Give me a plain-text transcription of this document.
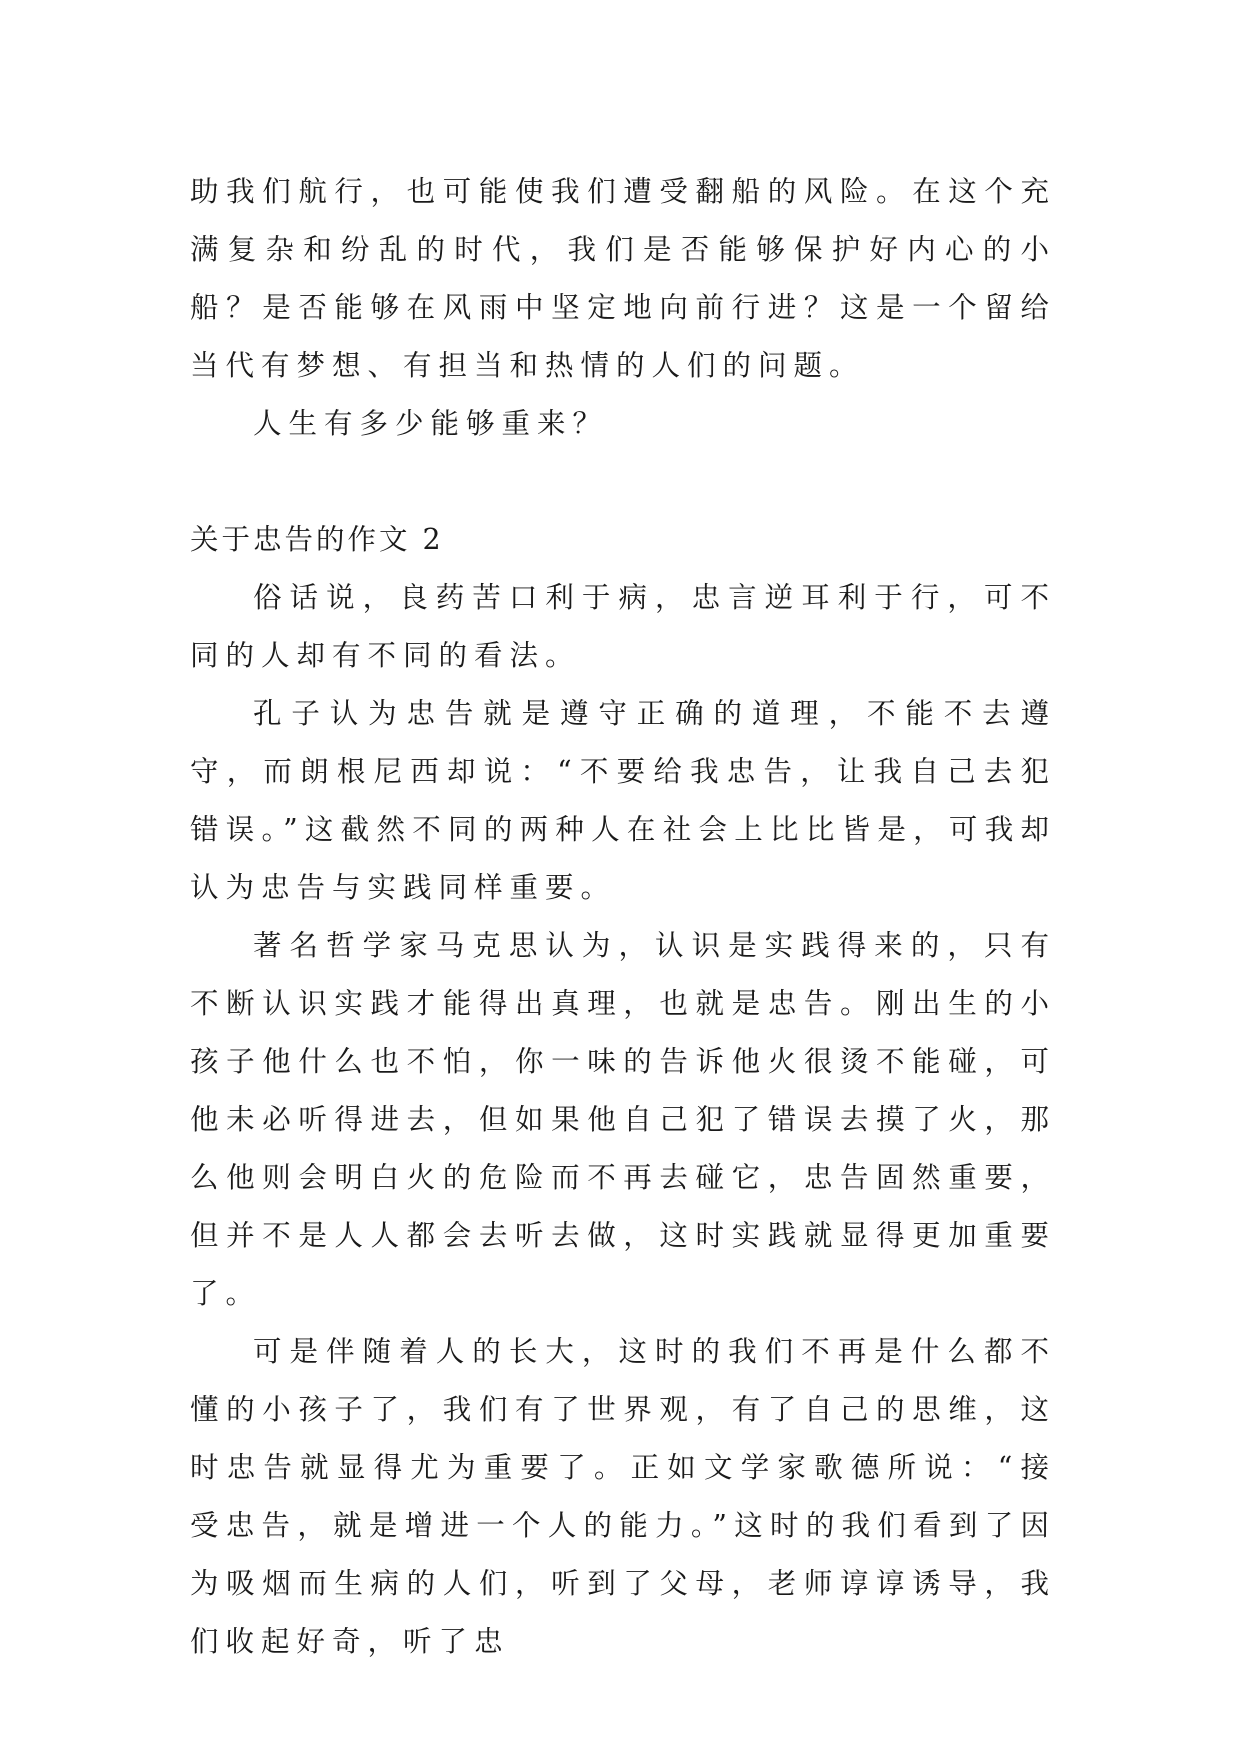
助我们航行，也可能使我们遭受翻船的风险。在这个充满复杂和纷乱的时代，我们是否能够保护好内心的小船？是否能够在风雨中坚定地向前行进？这是一个留给当代有梦想、有担当和热情的人们的问题。

人生有多少能够重来？

关于忠告的作文 2

俗话说，良药苦口利于病，忠言逆耳利于行，可不同的人却有不同的看法。

孔子认为忠告就是遵守正确的道理，不能不去遵守，而朗根尼西却说：“不要给我忠告，让我自己去犯错误。”这截然不同的两种人在社会上比比皆是，可我却认为忠告与实践同样重要。

著名哲学家马克思认为，认识是实践得来的，只有不断认识实践才能得出真理，也就是忠告。刚出生的小孩子他什么也不怕，你一味的告诉他火很烫不能碰，可他未必听得进去，但如果他自己犯了错误去摸了火，那么他则会明白火的危险而不再去碰它，忠告固然重要，但并不是人人都会去听去做，这时实践就显得更加重要了。

可是伴随着人的长大，这时的我们不再是什么都不懂的小孩子了，我们有了世界观，有了自己的思维，这时忠告就显得尤为重要了。正如文学家歌德所说：“接受忠告，就是增进一个人的能力。”这时的我们看到了因为吸烟而生病的人们，听到了父母，老师谆谆诱导，我们收起好奇，听了忠
